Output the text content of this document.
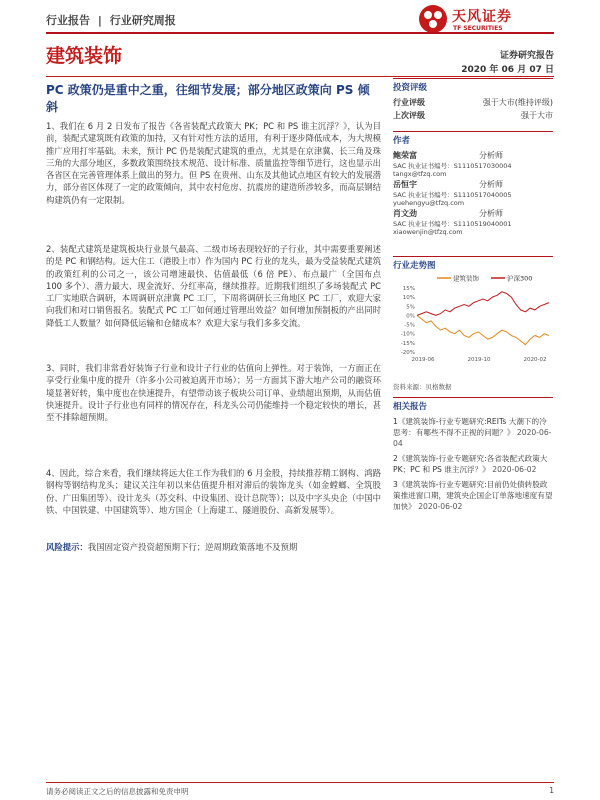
行业报告 | 行业研究周报	天风证券
TF SECURITIES
建筑装饰	证券研究报告
2020 年 06 月 07 日
PC 政策仍是重中之重，往细节发展；部分地区政策向 PS 倾斜
1、我们在 6 月 2 日发布了报告《各省装配式政策大 PK；PC 和 PS 谁主沉浮？》，认为目前，装配式建筑既有政策的加持，又有针对性方法的适用，有利于逐步降低成本，为大规模推广应用打牢基础。未来，预计 PC 仍是装配式建筑的重点，尤其是在京津冀、长三角及珠三角的大部分地区，多数政策围绕技术规范、设计标准、质量监控等细节进行，这也显示出各省区在完善管理体系上做出的努力。但 PS 在贵州、山东及其他试点地区有较大的发展潜力，部分省区体现了一定的政策倾向，其中农村危房、抗震房的建造所涉较多，而高层钢结构建筑仍有一定限制。
2、装配式建筑是建筑板块行业景气最高、二级市场表现较好的子行业，其中需要重要阐述的是 PC 和钢结构。远大住工（港股上市）作为国内 PC 行业的龙头，最为受益装配式建筑的政策红利的公司之一，该公司增速最快、估值最低（6 倍 PE）、布点最广（全国布点 100 多个）、潜力最大、现金流好、分红率高，继续推荐。近期我们组织了多场装配式 PC 工厂实地联合调研，本周调研京津冀 PC 工厂，下周将调研长三角地区 PC 工厂，欢迎大家向我们和对口销售报名。装配式 PC 工厂如何通过管理出效益？如何增加预制板的产出同时降低工人数量？如何降低运输和仓储成本？欢迎大家与我们多多交流。
3、同时，我们非常看好装饰子行业和设计子行业的估值向上弹性。对于装饰，一方面正在享受行业集中度的提升（许多小公司被迫离开市场）；另一方面其下游大地产公司的融资环境显著好转，集中度也在快速提升，有望带动该子板块公司订单、业绩超出预期，从而估值快速提升。设计子行业也有同样的情况存在，科龙头公司仍能维持一个稳定较快的增长，甚至不排除超预期。
4、因此，综合来看，我们继续将远大住工作为我们的 6 月金股，持续推荐精工钢构、鸿路钢构等钢结构龙头；建议关注年初以来估值提升相对滞后的装饰龙头（如金螳螂、全筑股份、广田集团等）、设计龙头（苏交科、中设集团、设计总院等）；以及中字头央企（中国中铁、中国铁建、中国建筑等）、地方国企（上海建工、隧道股份、高新发展等）。
风险提示：我国固定资产投资超预期下行；逆周期政策落地不及预期
投资评级
行业评级	强于大市(维持评级)
上次评级	强于大市
作者
鲍荣富	分析师
SAC 执业证书编号：S1110517030004
tangx@tfzq.com
岳恒宇	分析师
SAC 执业证书编号：S1110517040005
yuehengyu@tfzq.com
肖文劲	分析师
SAC 执业证书编号：S1110519040001
xiaowenjin@tfzq.com
行业走势图
建筑装饰	沪深300
15%
10%
5%
0%
-5%
-10%
-15%
-20%
2019-06	2019-10	2020-02
资料来源：贝格数据
相关报告
1《建筑装饰-行业专题研究:REITs 大潮下的冷思考：有哪些不得不正视的问题？》 2020-06-04
2《建筑装饰-行业专题研究:各省装配式政策大 PK；PC 和 PS 谁主沉浮？》 2020-06-02
3《建筑装饰-行业专题研究:目前仍处债转股政策推进窗口期，建筑央企国企订单落地速度有望加快》 2020-06-02
请务必阅读正文之后的信息披露和免责申明	1
